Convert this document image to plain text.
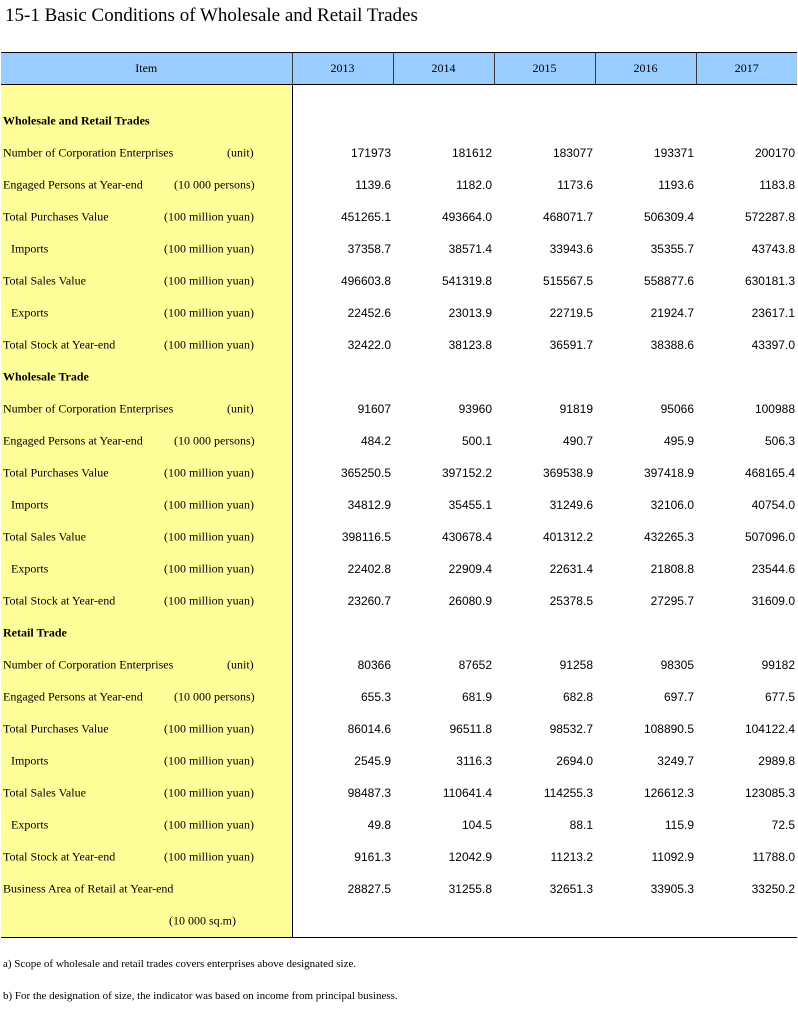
15-1 Basic Conditions of Wholesale and Retail Trades
Item	2013	2014	2015	2016	2017

Wholesale and Retail Trades					

Number of Corporation Enterprises (unit)	171973	181612	183077	193371	200170

Engaged Persons at Year-end (10 000 persons)	1139.6	1182.0	1173.6	1193.6	1183.8

Total Purchases Value (100 million yuan)	451265.1	493664.0	468071.7	506309.4	572287.8

Imports (100 million yuan)	37358.7	38571.4	33943.6	35355.7	43743.8

Total Sales Value (100 million yuan)	496603.8	541319.8	515567.5	558877.6	630181.3

Exports (100 million yuan)	22452.6	23013.9	22719.5	21924.7	23617.1

Total Stock at Year-end (100 million yuan)	32422.0	38123.8	36591.7	38388.6	43397.0

Wholesale Trade					

Number of Corporation Enterprises (unit)	91607	93960	91819	95066	100988

Engaged Persons at Year-end (10 000 persons)	484.2	500.1	490.7	495.9	506.3

Total Purchases Value (100 million yuan)	365250.5	397152.2	369538.9	397418.9	468165.4

Imports (100 million yuan)	34812.9	35455.1	31249.6	32106.0	40754.0

Total Sales Value (100 million yuan)	398116.5	430678.4	401312.2	432265.3	507096.0

Exports (100 million yuan)	22402.8	22909.4	22631.4	21808.8	23544.6

Total Stock at Year-end (100 million yuan)	23260.7	26080.9	25378.5	27295.7	31609.0

Retail Trade					

Number of Corporation Enterprises (unit)	80366	87652	91258	98305	99182

Engaged Persons at Year-end (10 000 persons)	655.3	681.9	682.8	697.7	677.5

Total Purchases Value (100 million yuan)	86014.6	96511.8	98532.7	108890.5	104122.4

Imports (100 million yuan)	2545.9	3116.3	2694.0	3249.7	2989.8

Total Sales Value (100 million yuan)	98487.3	110641.4	114255.3	126612.3	123085.3

Exports (100 million yuan)	49.8	104.5	88.1	115.9	72.5

Total Stock at Year-end (100 million yuan)	9161.3	12042.9	11213.2	11092.9	11788.0

Business Area of Retail at Year-end	28827.5	31255.8	32651.3	33905.3	33250.2

(10 000 sq.m)					

a) Scope of wholesale and retail trades covers enterprises above designated size.
b) For the designation of size, the indicator was based on income from principal business.
